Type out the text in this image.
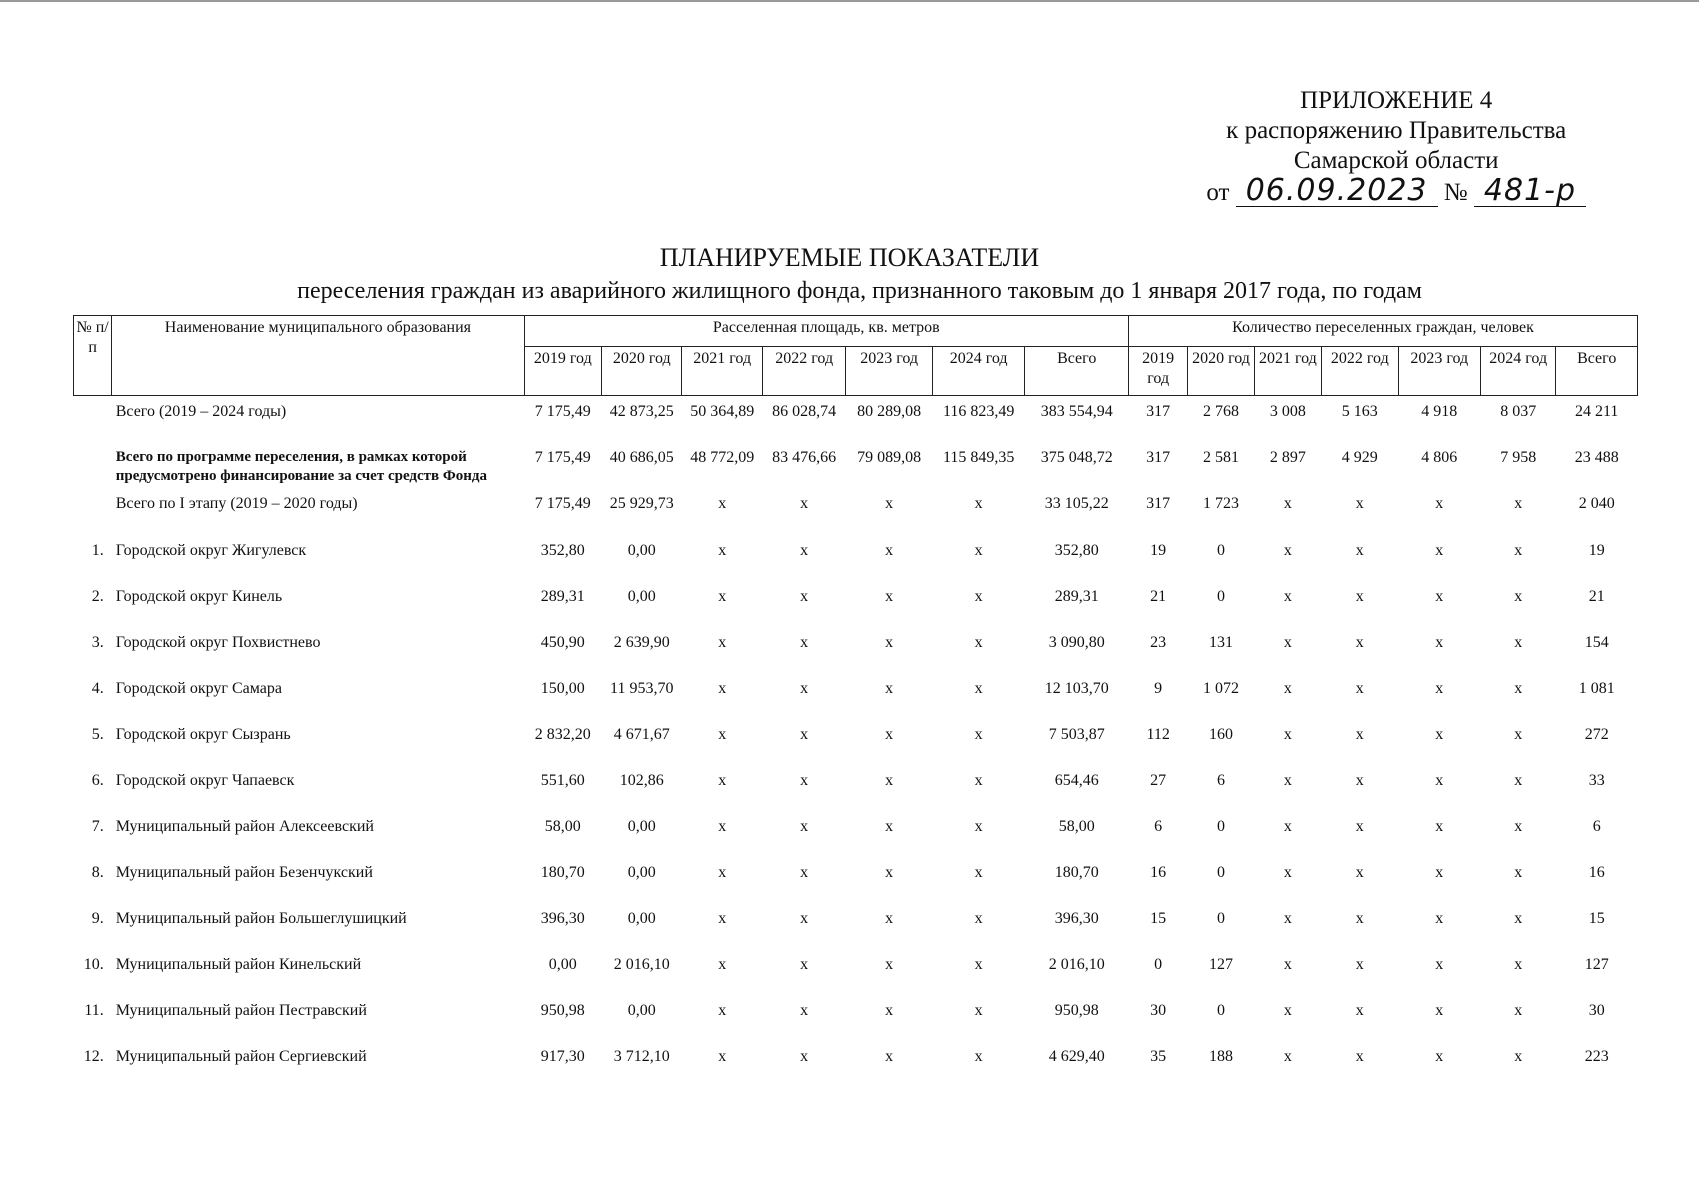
ПРИЛОЖЕНИЕ 4
к распоряжению Правительства
Самарской области
от 06.09.2023 № 481-р
ПЛАНИРУЕМЫЕ ПОКАЗАТЕЛИ
переселения граждан из аварийного жилищного фонда, признанного таковым до 1 января 2017 года, по годам
№ п/п	Наименование муниципального образования	Расселенная площадь, кв. метров							Количество переселенных граждан, человек						
		2019 год	2020 год	2021 год	2022 год	2023 год	2024 год	Всего	2019 год	2020 год	2021 год	2022 год	2023 год	2024 год	Всего
	Всего (2019 – 2024 годы)	7 175,49	42 873,25	50 364,89	86 028,74	80 289,08	116 823,49	383 554,94	317	2 768	3 008	5 163	4 918	8 037	24 211
	Всего по программе переселения, в рамках которой предусмотрено финансирование за счет средств Фонда	7 175,49	40 686,05	48 772,09	83 476,66	79 089,08	115 849,35	375 048,72	317	2 581	2 897	4 929	4 806	7 958	23 488
	Всего по I этапу (2019 – 2020 годы)	7 175,49	25 929,73	x	x	x	x	33 105,22	317	1 723	x	x	x	x	2 040
1.	Городской округ Жигулевск	352,80	0,00	x	x	x	x	352,80	19	0	x	x	x	x	19
2.	Городской округ Кинель	289,31	0,00	x	x	x	x	289,31	21	0	x	x	x	x	21
3.	Городской округ Похвистнево	450,90	2 639,90	x	x	x	x	3 090,80	23	131	x	x	x	x	154
4.	Городской округ Самара	150,00	11 953,70	x	x	x	x	12 103,70	9	1 072	x	x	x	x	1 081
5.	Городской округ Сызрань	2 832,20	4 671,67	x	x	x	x	7 503,87	112	160	x	x	x	x	272
6.	Городской округ Чапаевск	551,60	102,86	x	x	x	x	654,46	27	6	x	x	x	x	33
7.	Муниципальный район Алексеевский	58,00	0,00	x	x	x	x	58,00	6	0	x	x	x	x	6
8.	Муниципальный район Безенчукский	180,70	0,00	x	x	x	x	180,70	16	0	x	x	x	x	16
9.	Муниципальный район Большеглушицкий	396,30	0,00	x	x	x	x	396,30	15	0	x	x	x	x	15
10.	Муниципальный район Кинельский	0,00	2 016,10	x	x	x	x	2 016,10	0	127	x	x	x	x	127
11.	Муниципальный район Пестравский	950,98	0,00	x	x	x	x	950,98	30	0	x	x	x	x	30
12.	Муниципальный район Сергиевский	917,30	3 712,10	x	x	x	x	4 629,40	35	188	x	x	x	x	223
